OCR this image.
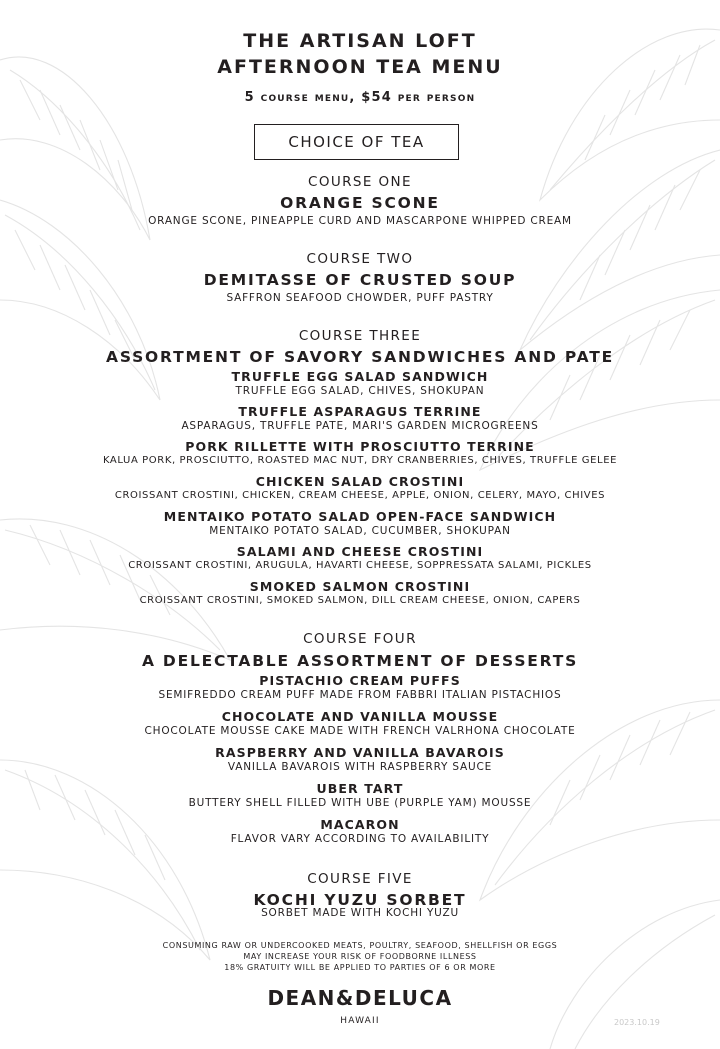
THE ARTISAN LOFT

AFTERNOON TEA MENU

5 course menu, $54 per person

CHOICE OF TEA

COURSE ONE

ORANGE SCONE

ORANGE SCONE, PINEAPPLE CURD AND MASCARPONE WHIPPED CREAM

COURSE TWO

DEMITASSE OF CRUSTED SOUP

SAFFRON SEAFOOD CHOWDER, PUFF PASTRY

COURSE THREE

ASSORTMENT OF SAVORY SANDWICHES AND PATE

TRUFFLE EGG SALAD SANDWICH

TRUFFLE EGG SALAD, CHIVES, SHOKUPAN

TRUFFLE ASPARAGUS TERRINE

ASPARAGUS, TRUFFLE PATE, MARI'S GARDEN MICROGREENS

PORK RILLETTE WITH PROSCIUTTO TERRINE

KALUA PORK, PROSCIUTTO, ROASTED MAC NUT, DRY CRANBERRIES, CHIVES, TRUFFLE GELEE

CHICKEN SALAD CROSTINI

CROISSANT CROSTINI, CHICKEN, CREAM CHEESE, APPLE, ONION, CELERY, MAYO, CHIVES

MENTAIKO POTATO SALAD OPEN-FACE SANDWICH

MENTAIKO POTATO SALAD, CUCUMBER, SHOKUPAN

SALAMI AND CHEESE CROSTINI

CROISSANT CROSTINI, ARUGULA, HAVARTI CHEESE, SOPPRESSATA SALAMI, PICKLES

SMOKED SALMON CROSTINI

CROISSANT CROSTINI, SMOKED SALMON, DILL CREAM CHEESE, ONION, CAPERS

COURSE FOUR

A DELECTABLE ASSORTMENT OF DESSERTS

PISTACHIO CREAM PUFFS

SEMIFREDDO CREAM PUFF MADE FROM FABBRI ITALIAN PISTACHIOS

CHOCOLATE AND VANILLA MOUSSE

CHOCOLATE MOUSSE CAKE MADE WITH FRENCH VALRHONA CHOCOLATE

RASPBERRY AND VANILLA BAVAROIS

VANILLA BAVAROIS WITH RASPBERRY SAUCE

UBER TART

BUTTERY SHELL FILLED WITH UBE (PURPLE YAM) MOUSSE

MACARON

FLAVOR VARY ACCORDING TO AVAILABILITY

COURSE FIVE

KOCHI YUZU SORBET

SORBET MADE WITH KOCHI YUZU

CONSUMING RAW OR UNDERCOOKED MEATS, POULTRY, SEAFOOD, SHELLFISH OR EGGS

MAY INCREASE YOUR RISK OF FOODBORNE ILLNESS

18% GRATUITY WILL BE APPLIED TO PARTIES OF 6 OR MORE

DEAN&DELUCA

HAWAII	2023.10.19
